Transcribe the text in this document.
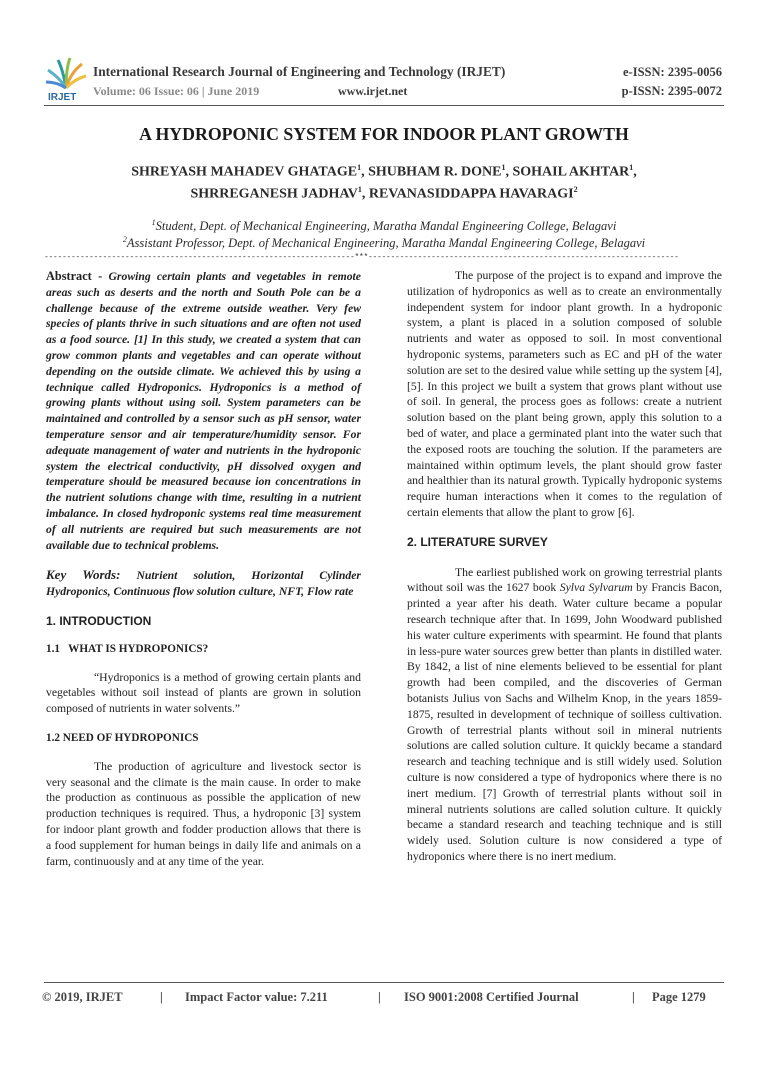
IRJET
International Research Journal of Engineering and Technology (IRJET)
Volume: 06 Issue: 06 | June 2019	www.irjet.net
e-ISSN: 2395-0056
p-ISSN: 2395-0072
A HYDROPONIC SYSTEM FOR INDOOR PLANT GROWTH
SHREYASH MAHADEV GHATAGE$^1$, SHUBHAM R. DONE$^1$, SOHAIL AKHTAR$^1$,
SHRREGANESH JADHAV$^1$, REVANASIDDAPPA HAVARAGI$^2$
$^1$Student, Dept. of Mechanical Engineering, Maratha Mandal Engineering College, Belagavi
$^2$Assistant Professor, Dept. of Mechanical Engineering, Maratha Mandal Engineering College, Belagavi
---------------------------------------------------------------------***---------------------------------------------------------------------

Abstract - Growing certain plants and vegetables in remote areas such as deserts and the north and South Pole can be a challenge because of the extreme outside weather. Very few species of plants thrive in such situations and are often not used as a food source. [1] In this study, we created a system that can grow common plants and vegetables and can operate without depending on the outside climate. We achieved this by using a technique called Hydroponics. Hydroponics is a method of growing plants without using soil. System parameters can be maintained and controlled by a sensor such as pH sensor, water temperature sensor and air temperature/humidity sensor. For adequate management of water and nutrients in the hydroponic system the electrical conductivity, pH dissolved oxygen and temperature should be measured because ion concentrations in the nutrient solutions change with time, resulting in a nutrient imbalance. In closed hydroponic systems real time measurement of all nutrients are required but such measurements are not available due to technical problems.

Key Words: Nutrient solution, Horizontal Cylinder Hydroponics, Continuous flow solution culture, NFT, Flow rate

1. INTRODUCTION

1.1   WHAT IS HYDROPONICS?

“Hydroponics is a method of growing certain plants and vegetables without soil instead of plants are grown in solution composed of nutrients in water solvents.”

1.2 NEED OF HYDROPONICS

The production of agriculture and livestock sector is very seasonal and the climate is the main cause. In order to make the production as continuous as possible the application of new production techniques is required. Thus, a hydroponic [3] system for indoor plant growth and fodder production allows that there is a food supplement for human beings in daily life and animals on a farm, continuously and at any time of the year.

The purpose of the project is to expand and improve the utilization of hydroponics as well as to create an environmentally independent system for indoor plant growth. In a hydroponic system, a plant is placed in a solution composed of soluble nutrients and water as opposed to soil. In most conventional hydroponic systems, parameters such as EC and pH of the water solution are set to the desired value while setting up the system [4], [5]. In this project we built a system that grows plant without use of soil. In general, the process goes as follows: create a nutrient solution based on the plant being grown, apply this solution to a bed of water, and place a germinated plant into the water such that the exposed roots are touching the solution. If the parameters are maintained within optimum levels, the plant should grow faster and healthier than its natural growth. Typically hydroponic systems require human interactions when it comes to the regulation of certain elements that allow the plant to grow [6].

2. LITERATURE SURVEY

The earliest published work on growing terrestrial plants without soil was the 1627 book Sylva Sylvarum by Francis Bacon, printed a year after his death. Water culture became a popular research technique after that. In 1699, John Woodward published his water culture experiments with spearmint. He found that plants in less-pure water sources grew better than plants in distilled water. By 1842, a list of nine elements believed to be essential for plant growth had been compiled, and the discoveries of German botanists Julius von Sachs and Wilhelm Knop, in the years 1859-1875, resulted in development of technique of soilless cultivation. Growth of terrestrial plants without soil in mineral nutrients solutions are called solution culture. It quickly became a standard research and teaching technique and is still widely used. Solution culture is now considered a type of hydroponics where there is no inert medium. [7] Growth of terrestrial plants without soil in mineral nutrients solutions are called solution culture. It quickly became a standard research and teaching technique and is still widely used. Solution culture is now considered a type of hydroponics where there is no inert medium.

© 2019, IRJET	| Impact Factor value: 7.211	| ISO 9001:2008 Certified Journal	| Page 1279
